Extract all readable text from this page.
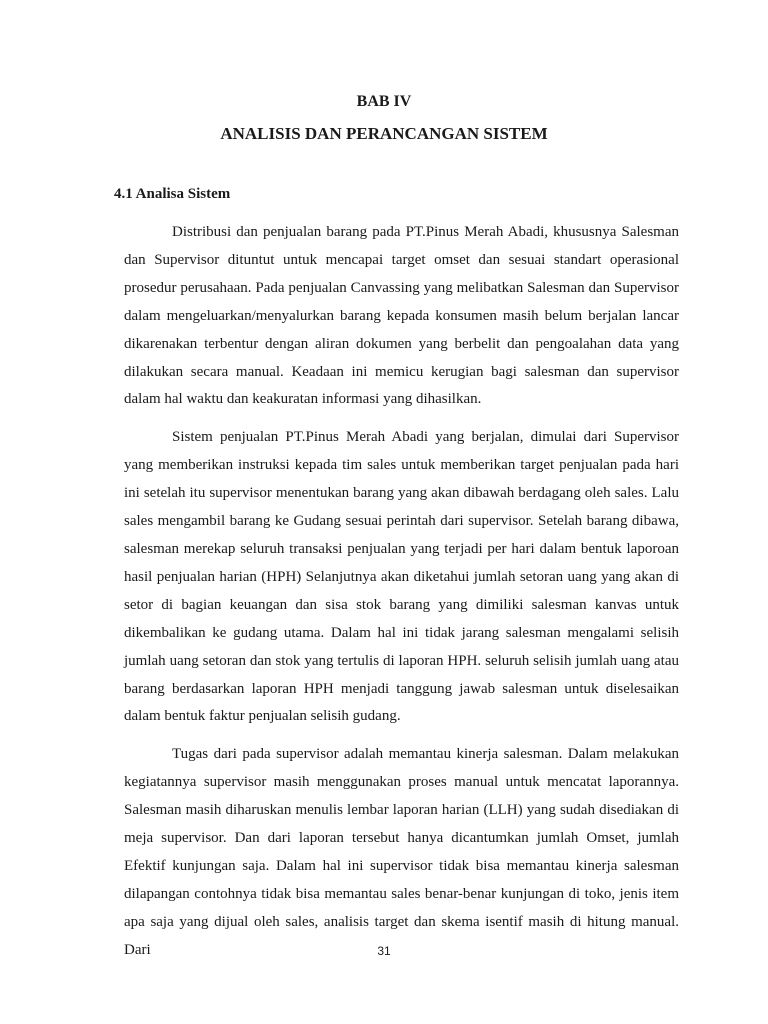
BAB IV
ANALISIS DAN PERANCANGAN SISTEM
4.1 Analisa Sistem

Distribusi dan penjualan barang pada PT.Pinus Merah Abadi, khususnya Salesman dan Supervisor dituntut untuk mencapai target omset dan sesuai standart operasional prosedur perusahaan. Pada penjualan Canvassing yang melibatkan Salesman dan Supervisor dalam mengeluarkan/menyalurkan barang kepada konsumen masih belum berjalan lancar dikarenakan terbentur dengan aliran dokumen yang berbelit dan pengoalahan data yang dilakukan secara manual. Keadaan ini memicu kerugian bagi salesman dan supervisor dalam hal waktu dan keakuratan informasi yang dihasilkan.

Sistem penjualan PT.Pinus Merah Abadi yang berjalan, dimulai dari Supervisor yang memberikan instruksi kepada tim sales untuk memberikan target penjualan pada hari ini setelah itu supervisor menentukan barang yang akan dibawah berdagang oleh sales. Lalu sales mengambil barang ke Gudang sesuai perintah dari supervisor. Setelah barang dibawa, salesman merekap seluruh transaksi penjualan yang terjadi per hari dalam bentuk laporoan hasil penjualan harian (HPH) Selanjutnya akan diketahui jumlah setoran uang yang akan di setor di bagian keuangan dan sisa stok barang yang dimiliki salesman kanvas untuk dikembalikan ke gudang utama. Dalam hal ini tidak jarang salesman mengalami selisih jumlah uang setoran dan stok yang tertulis di laporan HPH. seluruh selisih jumlah uang atau barang berdasarkan laporan HPH menjadi tanggung jawab salesman untuk diselesaikan dalam bentuk faktur penjualan selisih gudang.

Tugas dari pada supervisor adalah memantau kinerja salesman. Dalam melakukan kegiatannya supervisor masih menggunakan proses manual untuk mencatat laporannya. Salesman masih diharuskan menulis lembar laporan harian (LLH) yang sudah disediakan di meja supervisor. Dan dari laporan tersebut hanya dicantumkan jumlah Omset, jumlah Efektif kunjungan saja. Dalam hal ini supervisor tidak bisa memantau kinerja salesman dilapangan contohnya tidak bisa memantau sales benar-benar kunjungan di toko, jenis item apa saja yang dijual oleh sales, analisis target dan skema isentif masih di hitung manual. Dari	31
